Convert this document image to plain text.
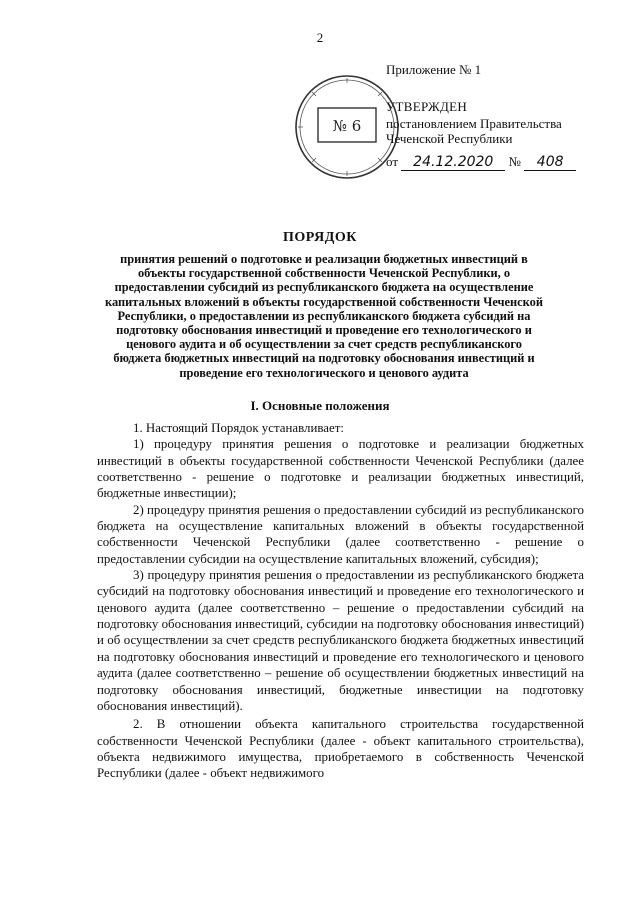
2
№ 6
Приложение № 1
УТВЕРЖДЕН
постановлением Правительства
Чеченской Республики
от 24.12.2020 № 408
ПОРЯДОК
принятия решений о подготовке и реализации бюджетных инвестиций в объекты государственной собственности Чеченской Республики, о предоставлении субсидий из республиканского бюджета на осуществление капитальных вложений в объекты государственной собственности Чеченской Республики, о предоставлении из республиканского бюджета субсидий на подготовку обоснования инвестиций и проведение его технологического и ценового аудита и об осуществлении за счет средств республиканского бюджета бюджетных инвестиций на подготовку обоснования инвестиций и проведение его технологического и ценового аудита
I. Основные положения

1. Настоящий Порядок устанавливает:

1) процедуру принятия решения о подготовке и реализации бюджетных инвестиций в объекты государственной собственности Чеченской Республики (далее соответственно - решение о подготовке и реализации бюджетных инвестиций, бюджетные инвестиции);

2) процедуру принятия решения о предоставлении субсидий из республиканского бюджета на осуществление капитальных вложений в объекты государственной собственности Чеченской Республики (далее соответственно - решение о предоставлении субсидии на осуществление капитальных вложений, субсидия);

3) процедуру принятия решения о предоставлении из республиканского бюджета субсидий на подготовку обоснования инвестиций и проведение его технологического и ценового аудита (далее соответственно – решение о предоставлении субсидий на подготовку обоснования инвестиций, субсидии на подготовку обоснования инвестиций) и об осуществлении за счет средств республиканского бюджета бюджетных инвестиций на подготовку обоснования инвестиций и проведение его технологического и ценового аудита (далее соответственно – решение об осуществлении бюджетных инвестиций на подготовку обоснования инвестиций, бюджетные инвестиции на подготовку обоснования инвестиций).

2. В отношении объекта капитального строительства государственной собственности Чеченской Республики (далее - объект капитального строительства), объекта недвижимого имущества, приобретаемого в собственность Чеченской Республики (далее - объект недвижимого
